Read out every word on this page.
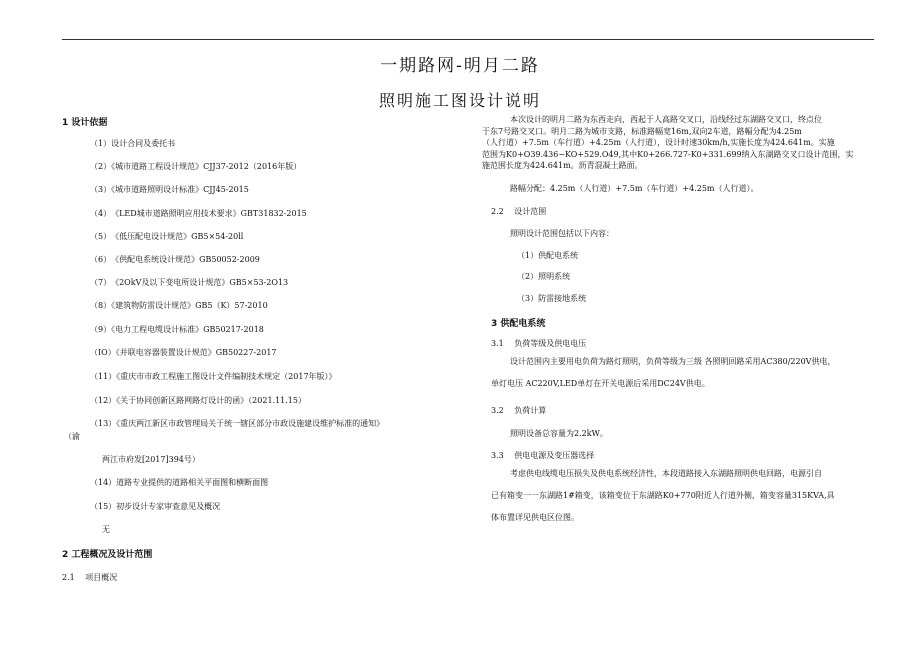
一期路网-明月二路
照明施工图设计说明
1 设计依据
（1）设计合同及委托书
（2）《城市道路工程设计规范》CJJ37-2012（2016年版）
（3）《城市道路照明设计标准》CJJ45-2015
（4）　《LED城市道路照明应用技术要求》GBT31832-2015
（5）　《低压配电设计规范》GB5×54-20ll
（6）　《供配电系统设计规范》GB50052-2009
（7）　《2OkV及以下变电所设计规范》GB5×53-2O13
（8）《建筑物防雷设计规范》GB5（K）57-2010
（9）《电力工程电缆设计标准》GB50217-2018
（IO）《并联电容器装置设计规范》GB50227-2017
（11）《重庆市市政工程施工图设计文件编制技术规定（2017年版）》
（12）《关于协同创新区路网路灯设计的函》（2021.11.15）
（13）《重庆两江新区市政管理局关于统一辖区部分市政设施建设维护标准的通知》
（渝
两江市府发[2017]394号）
（14）道路专业提供的道路相关平面图和横断面图
（15）初步设计专家审查意见及概况
无
2 工程概况及设计范围
2.1　 项目概况
本次设计的明月二路为东西走向，西起于人高路交叉口，沿线经过东湖路交叉口，终点位
于东7号路交叉口。明月二路为城市支路，标准路幅宽16m,双向2车道，路幅分配为4.25m
（人行道）+7.5m（车行道）+4.25m（人行道），设计时速30km/h,实施长度为424.641m。实施
范围为K0+O39.436~KO+529.O49,其中K0+266.727-K0+331.699纳入东湖路交叉口设计范围，实
施范围长度为424.641m。沥青混凝土路面。
路幅分配：4.25m（人行道）+7.5m（车行道）+4.25m（人行道）。
2.2　 设计范围
照明设计范围包括以下内容：
（1）供配电系统
（2）照明系统
（3）防雷接地系统
3 供配电系统
3.1　 负荷等级及供电电压
设计范围内主要用电负荷为路灯照明，负荷等级为三级 各照明回路采用AC380/220V供电，
单灯电压 AC220V,LED单灯在开关电源后采用DC24V供电。
3.2　 负荷计算
照明设备总容量为2.2kW。
3.3　 供电电源及变压器选择
考虑供电线缆电压损失及供电系统经济性，本段道路接入东湖路照明供电回路，电源引自
已有箱变一一东湖路1#箱变，该箱变位于东湖路K0+770附近人行道外侧，箱变容量315KVA,具
体布置详见供电区位图。
